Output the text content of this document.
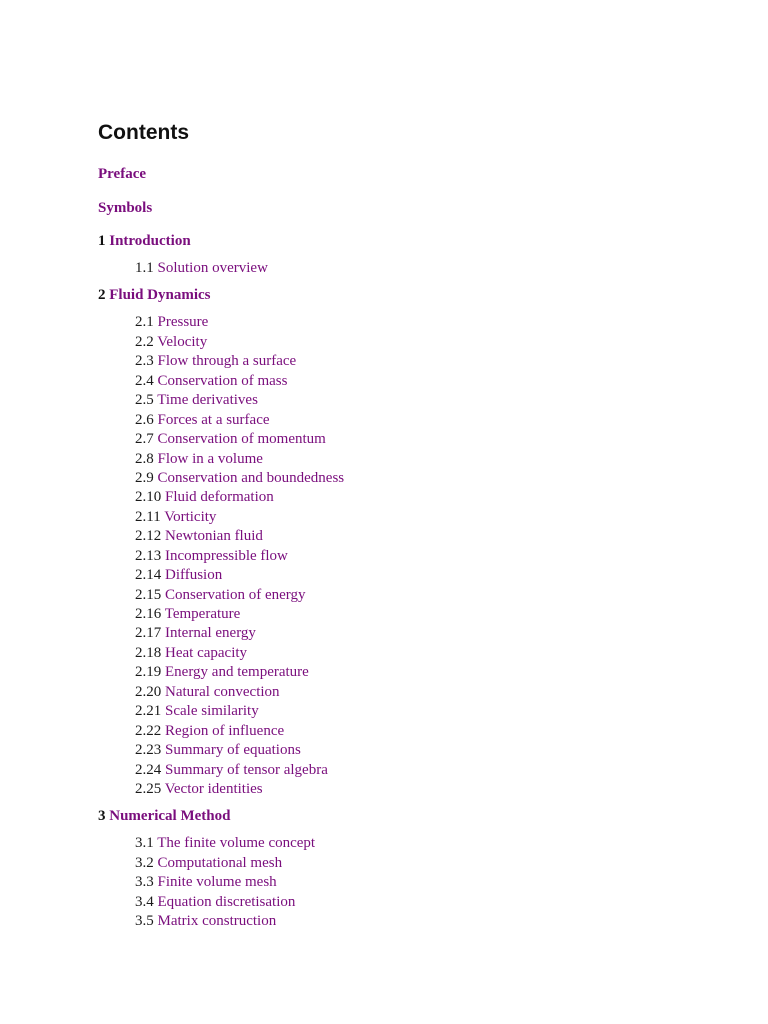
Contents
Preface
Symbols
1 Introduction
1.1 Solution overview
2 Fluid Dynamics
2.1 Pressure
2.2 Velocity
2.3 Flow through a surface
2.4 Conservation of mass
2.5 Time derivatives
2.6 Forces at a surface
2.7 Conservation of momentum
2.8 Flow in a volume
2.9 Conservation and boundedness
2.10 Fluid deformation
2.11 Vorticity
2.12 Newtonian fluid
2.13 Incompressible flow
2.14 Diffusion
2.15 Conservation of energy
2.16 Temperature
2.17 Internal energy
2.18 Heat capacity
2.19 Energy and temperature
2.20 Natural convection
2.21 Scale similarity
2.22 Region of influence
2.23 Summary of equations
2.24 Summary of tensor algebra
2.25 Vector identities
3 Numerical Method
3.1 The finite volume concept
3.2 Computational mesh
3.3 Finite volume mesh
3.4 Equation discretisation
3.5 Matrix construction
